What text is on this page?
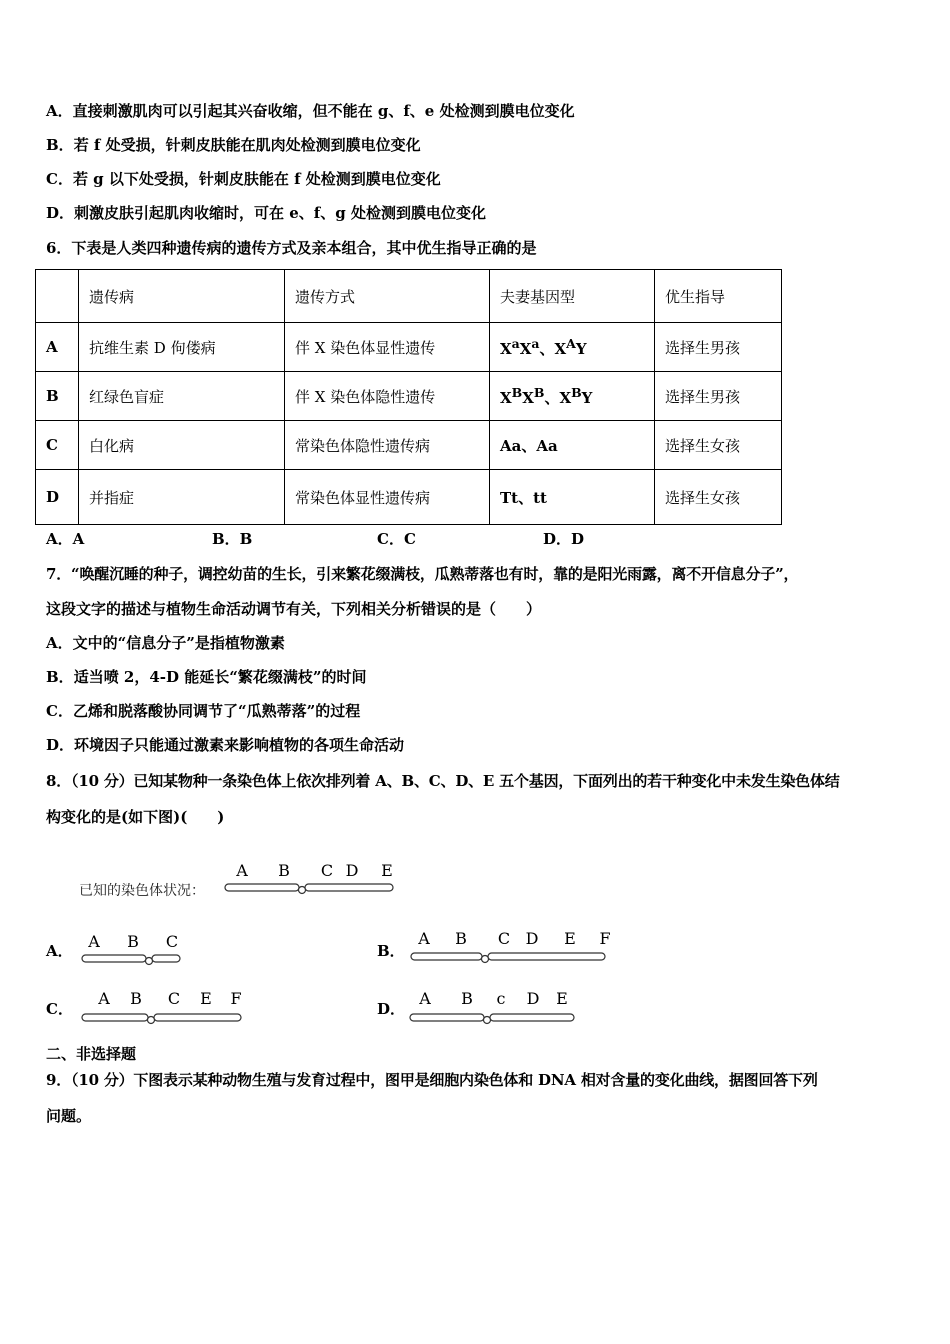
A．直接刺激肌肉可以引起其兴奋收缩，但不能在 g、f、e 处检测到膜电位变化
B．若 f 处受损，针刺皮肤能在肌肉处检测到膜电位变化
C．若 g 以下处受损，针刺皮肤能在 f 处检测到膜电位变化
D．刺激皮肤引起肌肉收缩时，可在 e、f、g 处检测到膜电位变化
6．下表是人类四种遗传病的遗传方式及亲本组合，其中优生指导正确的是
	遗传病	遗传方式	夫妻基因型	优生指导
A	抗维生素 D 佝偻病	伴 X 染色体显性遗传	$X^aX^a$、$X^AY$	选择生男孩
B	红绿色盲症	伴 X 染色体隐性遗传	$X^BX^B$、$X^BY$	选择生男孩
C	白化病	常染色体隐性遗传病	Aa、Aa	选择生女孩
D	并指症	常染色体显性遗传病	Tt、tt	选择生女孩
A．A	B．B	C．C	D．D
7．“唤醒沉睡的种子，调控幼苗的生长，引来繁花缀满枝，瓜熟蒂落也有时，靠的是阳光雨露，离不开信息分子”，
这段文字的描述与植物生命活动调节有关，下列相关分析错误的是（　　）
A．文中的“信息分子”是指植物激素
B．适当喷 2，4-D 能延长“繁花缀满枝”的时间
C．乙烯和脱落酸协同调节了“瓜熟蒂落”的过程
D．环境因子只能通过激素来影响植物的各项生命活动
8．（10 分）已知某物种一条染色体上依次排列着 A、B、C、D、E 五个基因，下面列出的若干种变化中未发生染色体结
构变化的是(如下图)(　　)
已知的染色体状况：
A B C D E
A． A B C	B．
A B C D E F
C．
A B C E F
D．
A B c D E
二、非选择题
9．（10 分）下图表示某种动物生殖与发育过程中，图甲是细胞内染色体和 DNA 相对含量的变化曲线，据图回答下列
问题。
